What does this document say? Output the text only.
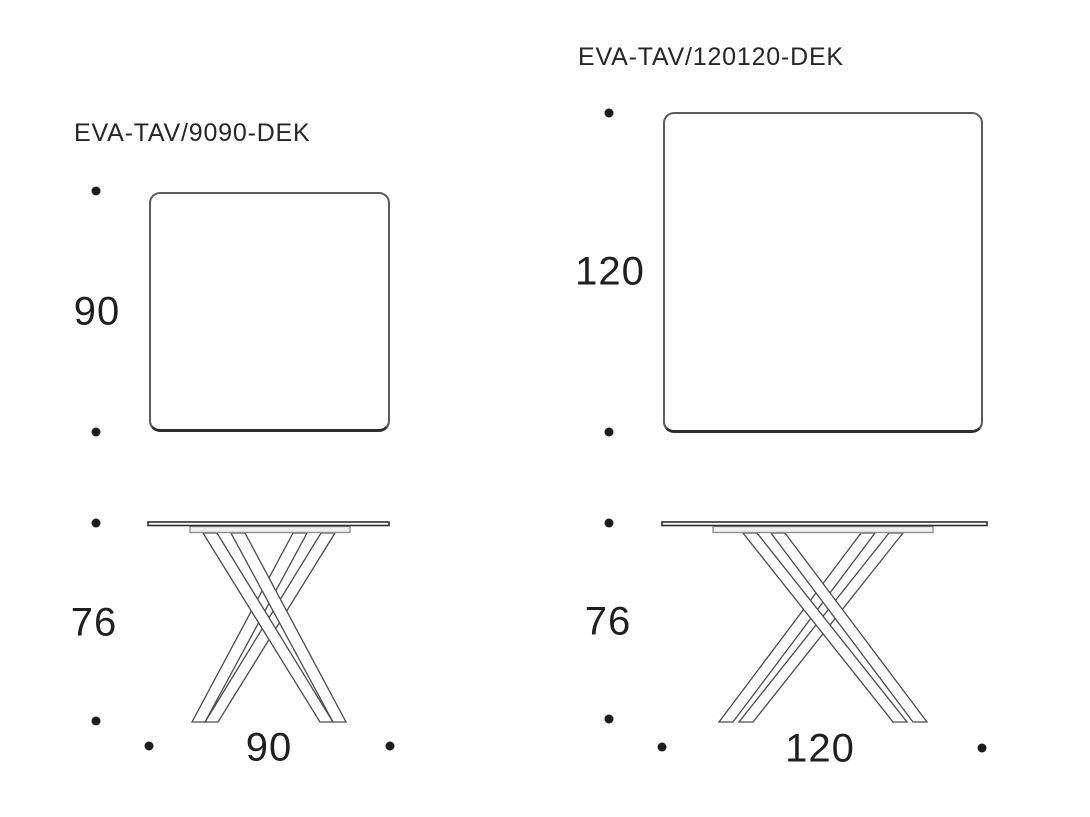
EVA-TAV/9090-DEK
90
76
90
EVA-TAV/120120-DEK
120
76
120
